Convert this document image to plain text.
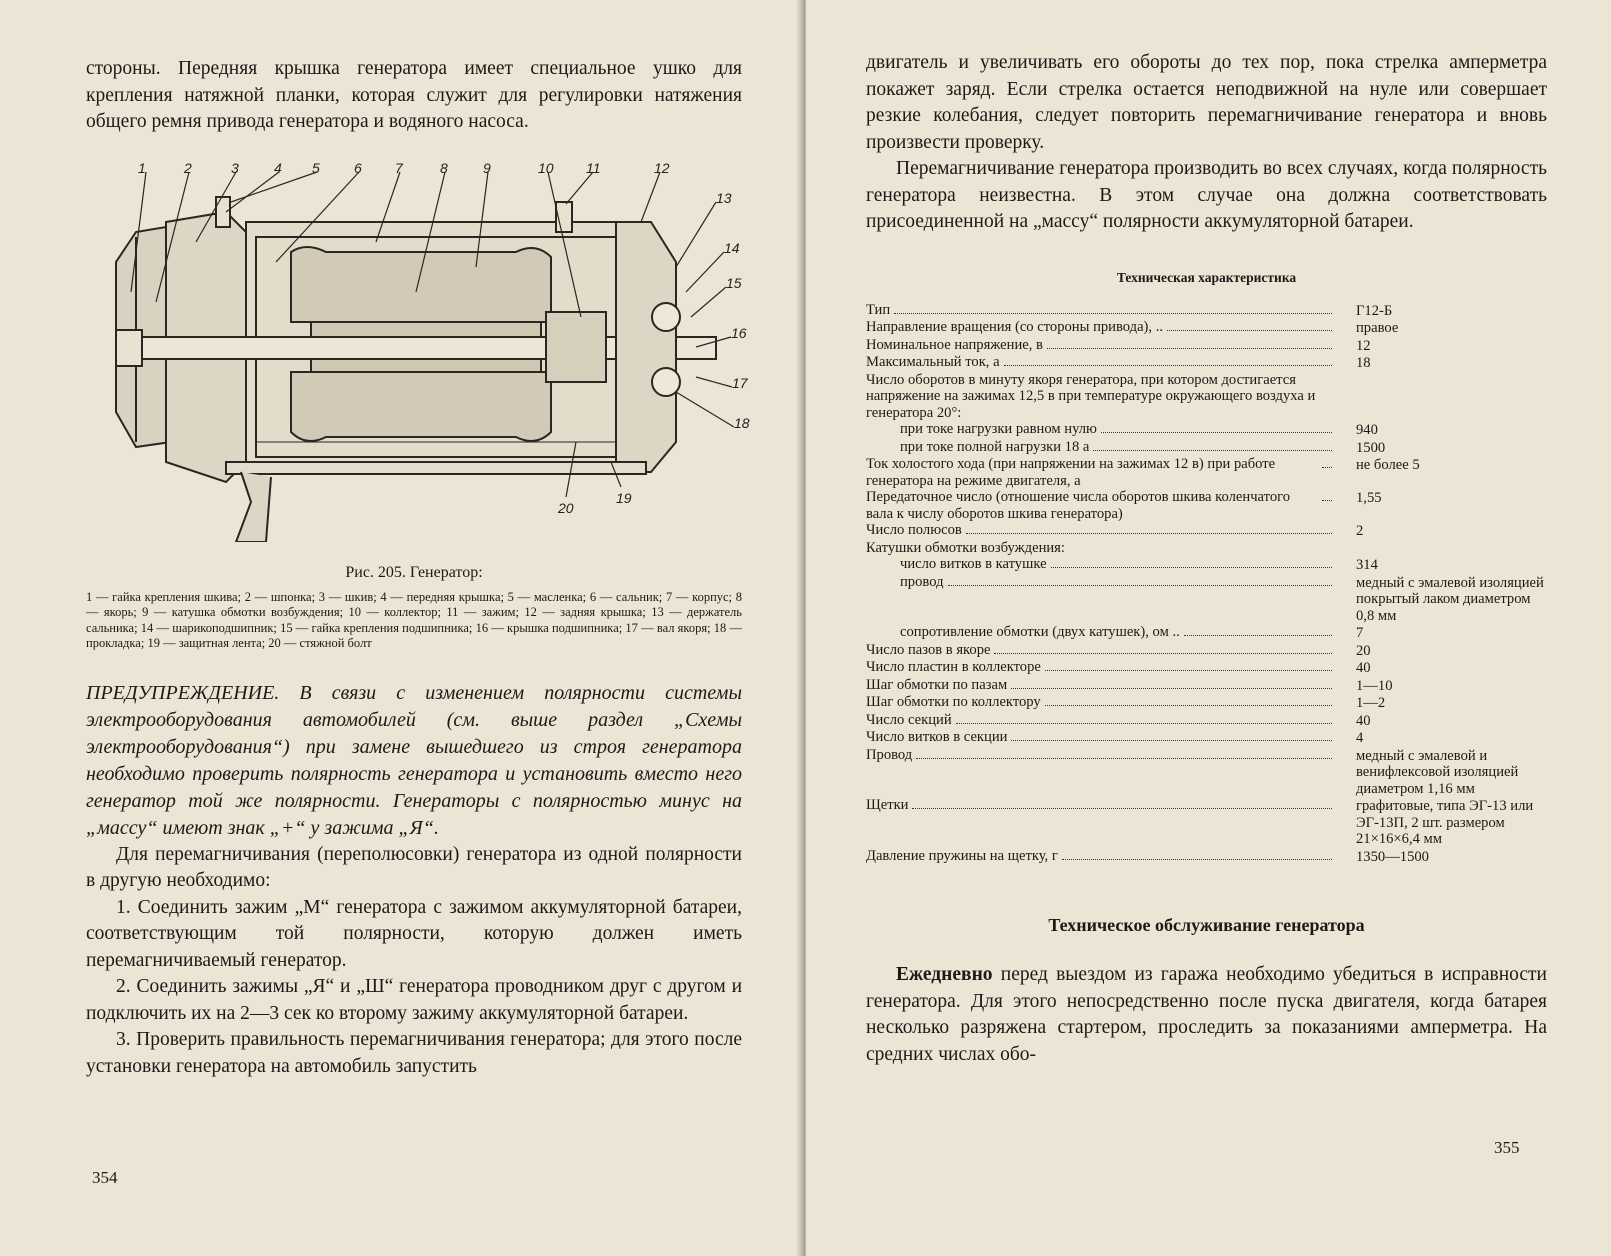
стороны. Передняя крышка генератора имеет специальное ушко для крепления натяжной планки, которая служит для регулировки натяжения общего ремня привода генератора и водяного насоса.

1	2	3	4 5 6 7	8	9	10 11	12
13
14
15
16
17
18
19
20

Рис. 205. Генератор:

1 — гайка крепления шкива; 2 — шпонка; 3 — шкив; 4 — передняя крышка; 5 — масленка; 6 — сальник; 7 — корпус; 8 — якорь; 9 — катушка обмотки возбуждения; 10 — коллектор; 11 — зажим; 12 — задняя крышка; 13 — держатель сальника; 14 — шарикоподшипник; 15 — гайка крепления подшипника; 16 — крышка подшипника; 17 — вал якоря; 18 — прокладка; 19 — защитная лента; 20 — стяжной болт

ПРЕДУПРЕЖДЕНИЕ. В связи с изменением полярности системы электрооборудования автомобилей (см. выше раздел „Схемы электрооборудования“) при замене вышедшего из строя генератора необходимо проверить полярность генератора и установить вместо него генератор той же полярности. Генераторы с полярностью минус на „массу“ имеют знак „+“ у зажима „Я“.

Для перемагничивания (переполюсовки) генератора из одной полярности в другую необходимо:

1. Соединить зажим „М“ генератора с зажимом аккумуляторной батареи, соответствующим той полярности, которую должен иметь перемагничиваемый генератор.

2. Соединить зажимы „Я“ и „Ш“ генератора проводником друг с другом и подключить их на 2—3 сек ко второму зажиму аккумуляторной батареи.

3. Проверить правильность перемагничивания генератора; для этого после установки генератора на автомобиль запустить

354

двигатель и увеличивать его обороты до тех пор, пока стрелка амперметра покажет заряд. Если стрелка остается неподвижной на нуле или совершает резкие колебания, следует повторить перемагничивание генератора и вновь произвести проверку.

Перемагничивание генератора производить во всех случаях, когда полярность генератора неизвестна. В этом случае она должна соответствовать присоединенной на „массу“ полярности аккумуляторной батареи.

Техническая характеристика

Тип	Г12-Б

Направление вращения (со стороны привода), ..	правое

Номинальное напряжение, в	12

Максимальный ток, а	18

Число оборотов в минуту якоря генератора, при котором достигается напряжение на зажимах 12,5 в при температуре окружающего воздуха и генератора 20°:	

при токе нагрузки равном нулю	940

при токе полной нагрузки 18 а	1500

Ток холостого хода (при напряжении на зажимах 12 в) при работе генератора на режиме двигателя, а	не более 5

Передаточное число (отношение числа оборотов шкива коленчатого вала к числу оборотов шкива генератора)	1,55

Число полюсов	2

Катушки обмотки возбуждения:	

число витков в катушке	314

провод	медный с эмалевой изоляцией покрытый лаком диаметром 0,8 мм

сопротивление обмотки (двух катушек), ом ..	7

Число пазов в якоре	20

Число пластин в коллекторе	40

Шаг обмотки по пазам	1—10

Шаг обмотки по коллектору	1—2

Число секций	40

Число витков в секции	4

Провод	медный с эмалевой и венифлексовой изоляцией диаметром 1,16 мм

Щетки	графитовые, типа ЭГ-13 или ЭГ-13П, 2 шт. размером 21×16×6,4 мм

Давление пружины на щетку, г	1350—1500

Техническое обслуживание генератора

Ежедневно перед выездом из гаража необходимо убедиться в исправности генератора. Для этого непосредственно после пуска двигателя, когда батарея несколько разряжена стартером, проследить за показаниями амперметра. На средних числах обо-

355
